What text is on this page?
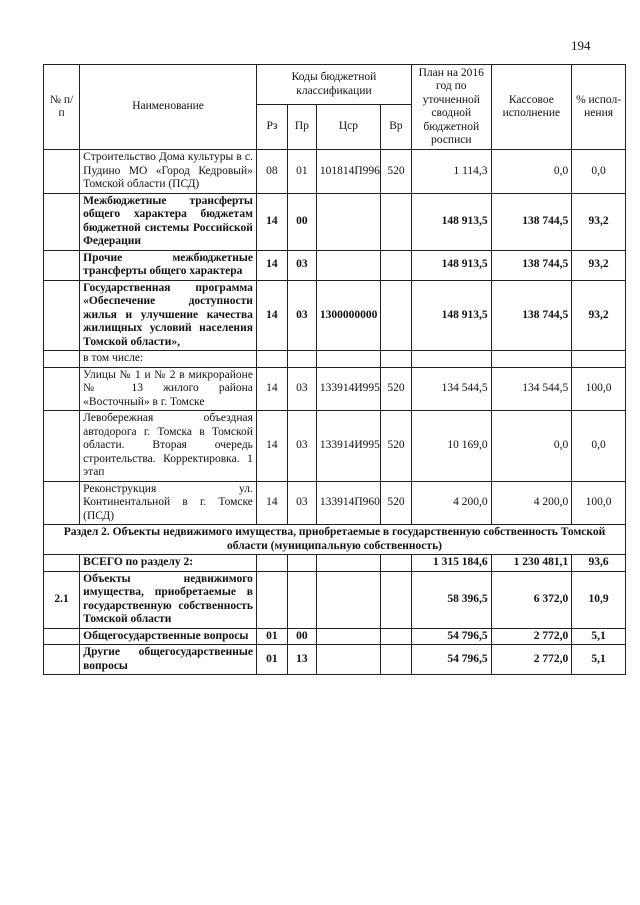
194
№ п/п	Наименование	Коды бюджетной классификации				План на 2016 год по уточненной сводной бюджетной росписи	Кассовое исполнение	% испол-нения
		Рз	Пр	Цср	Вр			
	Строительство Дома культуры в с. Пудино МО «Город Кедровый» Томской области (ПСД)	08	01	101814П996	520	1 114,3	0,0	0,0
	Межбюджетные трансферты общего характера бюджетам бюджетной системы Российской Федерации	14	00			148 913,5	138 744,5	93,2
	Прочие межбюджетные трансферты общего характера	14	03			148 913,5	138 744,5	93,2
	Государственная программа «Обеспечение доступности жилья и улучшение качества жилищных условий населения Томской области»,	14	03	1300000000		148 913,5	138 744,5	93,2
	в том числе:							
	Улицы № 1 и № 2 в микрорайоне № 13 жилого района «Восточный» в г. Томске	14	03	133914И995	520	134 544,5	134 544,5	100,0
	Левобережная объездная автодорога г. Томска в Томской области. Вторая очередь строительства. Корректировка. 1 этап	14	03	133914И995	520	10 169,0	0,0	0,0
	Реконструкция ул. Континентальной в г. Томске (ПСД)	14	03	133914П960	520	4 200,0	4 200,0	100,0
Раздел 2. Объекты недвижимого имущества, приобретаемые в государственную собственность Томской области (муниципальную собственность)								
	ВСЕГО по разделу 2:					1 315 184,6	1 230 481,1	93,6
2.1	Объекты недвижимого имущества, приобретаемые в государственную собственность Томской области					58 396,5	6 372,0	10,9
	Общегосударственные вопросы	01	00			54 796,5	2 772,0	5,1
	Другие общегосударственные вопросы	01	13			54 796,5	2 772,0	5,1
